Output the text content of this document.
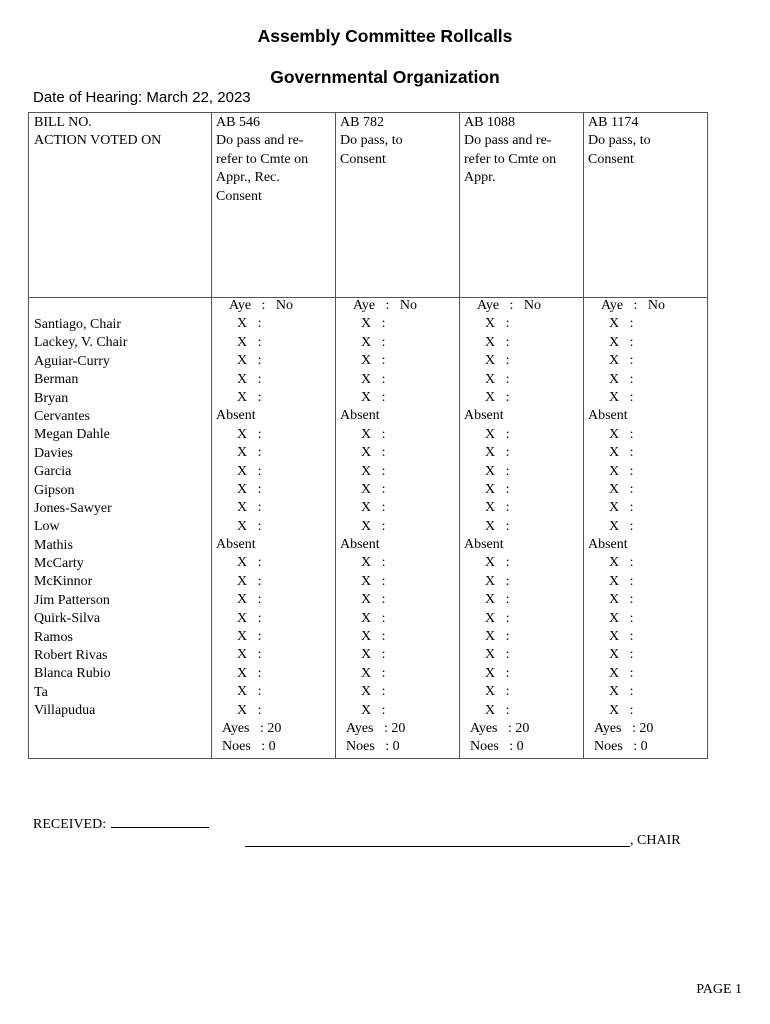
Assembly Committee Rollcalls
Governmental Organization
Date of Hearing: March 22, 2023
BILL NO.
ACTION VOTED ON
AB 546
Do pass and re-
refer to Cmte on
Appr., Rec.
Consent
AB 782
Do pass, to
Consent
AB 1088
Do pass and re-
refer to Cmte on
Appr.
AB 1174
Do pass, to
Consent
Santiago, Chair
Lackey, V. Chair
Aguiar-Curry
Berman
Bryan
Cervantes
Megan Dahle
Davies
Garcia
Gipson
Jones-Sawyer
Low
Mathis
McCarty
McKinnor
Jim Patterson
Quirk-Silva
Ramos
Robert Rivas
Blanca Rubio
Ta
Villapudua
Aye   :   No
X   :
X   :
X   :
X   :
X   :
Absent
X   :
X   :
X   :
X   :
X   :
X   :
Absent
X   :
X   :
X   :
X   :
X   :
X   :
X   :
X   :
X   :
Ayes   : 20
Noes   : 0
Aye   :   No
X   :
X   :
X   :
X   :
X   :
Absent
X   :
X   :
X   :
X   :
X   :
X   :
Absent
X   :
X   :
X   :
X   :
X   :
X   :
X   :
X   :
X   :
Ayes   : 20
Noes   : 0
Aye   :   No
X   :
X   :
X   :
X   :
X   :
Absent
X   :
X   :
X   :
X   :
X   :
X   :
Absent
X   :
X   :
X   :
X   :
X   :
X   :
X   :
X   :
X   :
Ayes   : 20
Noes   : 0
Aye   :   No
X   :
X   :
X   :
X   :
X   :
Absent
X   :
X   :
X   :
X   :
X   :
X   :
Absent
X   :
X   :
X   :
X   :
X   :
X   :
X   :
X   :
X   :
Ayes   : 20
Noes   : 0
RECEIVED:
, CHAIR
PAGE 1
